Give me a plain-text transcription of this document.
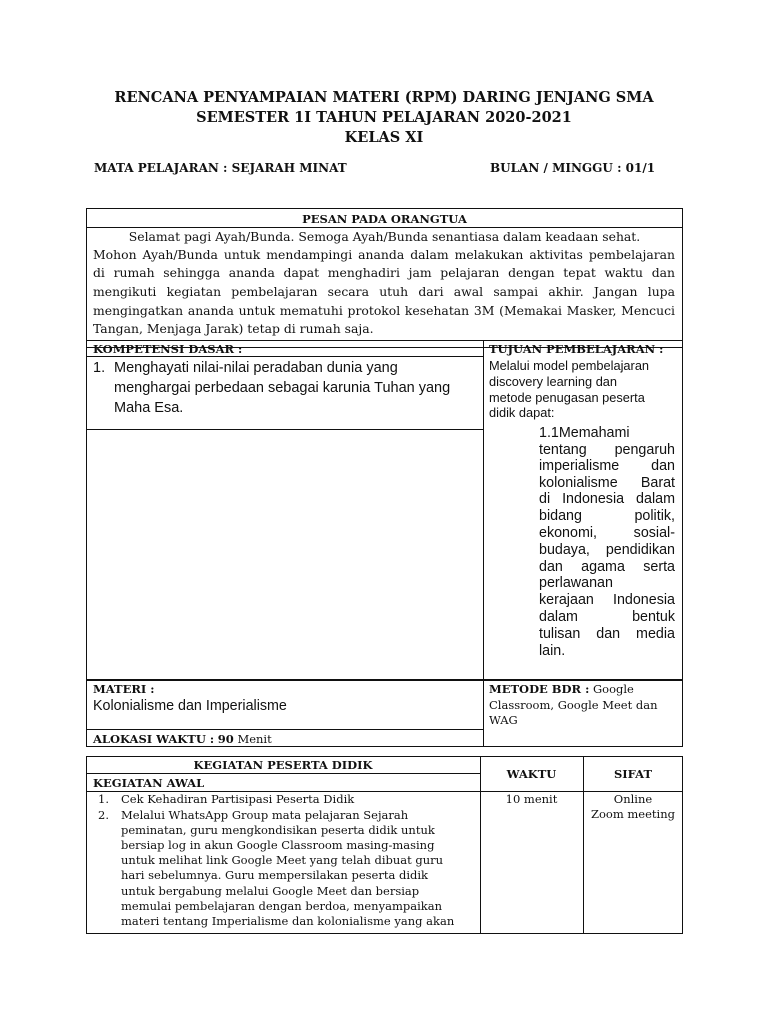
RENCANA PENYAMPAIAN MATERI (RPM) DARING JENJANG SMA
SEMESTER 1I TAHUN PELAJARAN 2020-2021
KELAS XI
MATA PELAJARAN : SEJARAH MINAT	BULAN / MINGGU : 01/1
PESAN PADA ORANGTUA
Selamat pagi Ayah/Bunda. Semoga Ayah/Bunda senantiasa dalam keadaan sehat.
Mohon Ayah/Bunda untuk mendampingi ananda dalam melakukan aktivitas pembelajaran
di rumah sehingga ananda dapat menghadiri jam pelajaran dengan tepat waktu dan
mengikuti kegiatan pembelajaran secara utuh dari awal sampai akhir. Jangan lupa
mengingatkan ananda untuk mematuhi protokol kesehatan 3M (Memakai Masker, Mencuci
Tangan, Menjaga Jarak) tetap di rumah saja.
KOMPETENSI DASAR :	TUJUAN PEMBELAJARAN :
1. Menghayati nilai-nilai peradaban dunia yang
menghargai perbedaan sebagai karunia Tuhan yang
Maha Esa.
Melalui model pembelajaran
discovery learning dan
metode penugasan peserta
didik dapat:
1.1Memahami
tentang pengaruh
imperialisme dan
kolonialisme Barat
di Indonesia dalam
bidang politik,
ekonomi, sosial-
budaya, pendidikan
dan agama serta
perlawanan
kerajaan Indonesia
dalam bentuk
tulisan dan media
lain.
MATERI :
Kolonialisme dan Imperialisme
METODE BDR : Google
Classroom, Google Meet dan
WAG
ALOKASI WAKTU : 90 Menit
KEGIATAN PESERTA DIDIK
KEGIATAN AWAL
WAKTU	SIFAT
1. Cek Kehadiran Partisipasi Peserta Didik
2. Melalui WhatsApp Group mata pelajaran Sejarah
peminatan, guru mengkondisikan peserta didik untuk
bersiap log in akun Google Classroom masing-masing
untuk melihat link Google Meet yang telah dibuat guru
hari sebelumnya. Guru mempersilakan peserta didik
untuk bergabung melalui Google Meet dan bersiap
memulai pembelajaran dengan berdoa, menyampaikan
materi tentang Imperialisme dan kolonialisme yang akan
10 menit	Online
Zoom meeting
